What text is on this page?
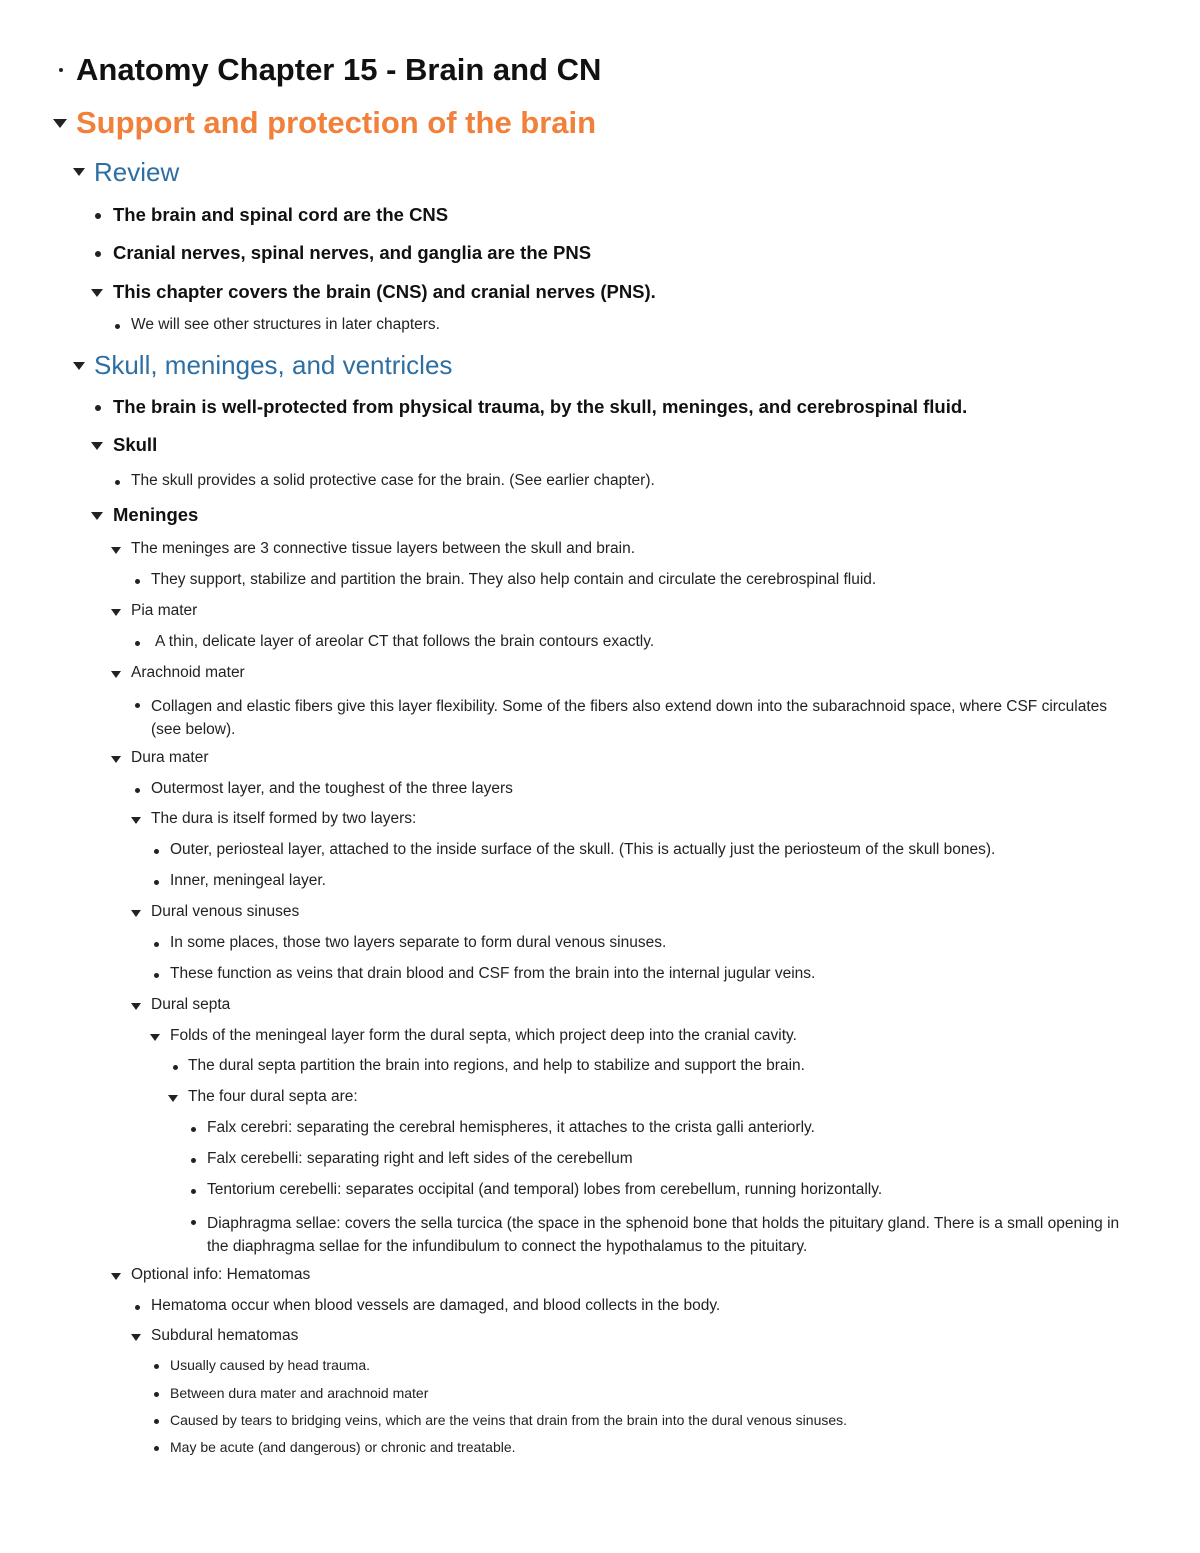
Anatomy Chapter 15 - Brain and CN
Support and protection of the brain
Review
The brain and spinal cord are the CNS
Cranial nerves, spinal nerves, and ganglia are the PNS
This chapter covers the brain (CNS) and cranial nerves (PNS).
We will see other structures in later chapters.
Skull, meninges, and ventricles
The brain is well-protected from physical trauma, by the skull, meninges, and cerebrospinal fluid.
Skull
The skull provides a solid protective case for the brain. (See earlier chapter).
Meninges
The meninges are 3 connective tissue layers between the skull and brain.
They support, stabilize and partition the brain. They also help contain and circulate the cerebrospinal fluid.
Pia mater
A thin, delicate layer of areolar CT that follows the brain contours exactly.
Arachnoid mater
Collagen and elastic fibers give this layer flexibility. Some of the fibers also extend down into the subarachnoid space, where CSF circulates (see below).
Dura mater
Outermost layer, and the toughest of the three layers
The dura is itself formed by two layers:
Outer, periosteal layer, attached to the inside surface of the skull. (This is actually just the periosteum of the skull bones).
Inner, meningeal layer.
Dural venous sinuses
In some places, those two layers separate to form dural venous sinuses.
These function as veins that drain blood and CSF from the brain into the internal jugular veins.
Dural septa
Folds of the meningeal layer form the dural septa, which project deep into the cranial cavity.
The dural septa partition the brain into regions, and help to stabilize and support the brain.
The four dural septa are:
Falx cerebri: separating the cerebral hemispheres, it attaches to the crista galli anteriorly.
Falx cerebelli: separating right and left sides of the cerebellum
Tentorium cerebelli: separates occipital (and temporal) lobes from cerebellum, running horizontally.
Diaphragma sellae: covers the sella turcica (the space in the sphenoid bone that holds the pituitary gland. There is a small opening in the diaphragma sellae for the infundibulum to connect the hypothalamus to the pituitary.
Optional info: Hematomas
Hematoma occur when blood vessels are damaged, and blood collects in the body.
Subdural hematomas
Usually caused by head trauma.
Between dura mater and arachnoid mater
Caused by tears to bridging veins, which are the veins that drain from the brain into the dural venous sinuses.
May be acute (and dangerous) or chronic and treatable.
